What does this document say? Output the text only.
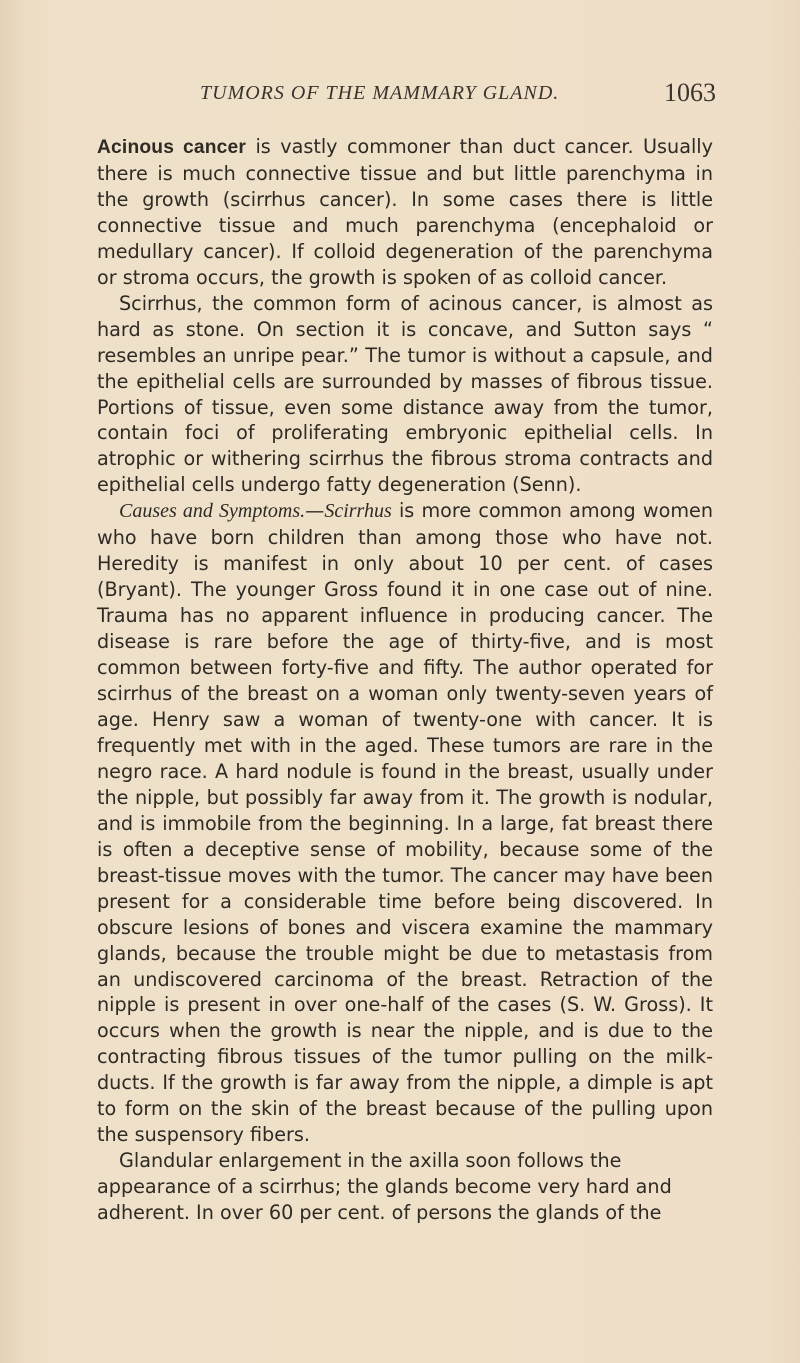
TUMORS OF THE MAMMARY GLAND.	1063

Acinous cancer is vastly commoner than duct cancer. Usually there is much connective tissue and but little parenchyma in the growth (scirrhus cancer). In some cases there is little connective tissue and much parenchyma (encephaloid or medullary cancer). If colloid degeneration of the parenchyma or stroma occurs, the growth is spoken of as colloid cancer.

Scirrhus, the common form of acinous cancer, is almost as hard as stone. On section it is concave, and Sutton says “ resembles an unripe pear.” The tumor is without a capsule, and the epithelial cells are surrounded by masses of fibrous tissue. Portions of tissue, even some distance away from the tumor, contain foci of proliferating embryonic epithelial cells. In atrophic or withering scirrhus the fibrous stroma contracts and epithelial cells undergo fatty degeneration (Senn).

Causes and Symptoms.—Scirrhus is more common among women who have born children than among those who have not. Heredity is manifest in only about 10 per cent. of cases (Bryant). The younger Gross found it in one case out of nine. Trauma has no apparent influence in producing cancer. The disease is rare before the age of thirty-five, and is most common between forty-five and fifty. The author operated for scirrhus of the breast on a woman only twenty-seven years of age. Henry saw a woman of twenty-one with cancer. It is frequently met with in the aged. These tumors are rare in the negro race. A hard nodule is found in the breast, usually under the nipple, but possibly far away from it. The growth is nodular, and is immobile from the beginning. In a large, fat breast there is often a deceptive sense of mobility, because some of the breast-tissue moves with the tumor. The cancer may have been present for a considerable time before being discovered. In obscure lesions of bones and viscera examine the mammary glands, because the trouble might be due to metastasis from an undiscovered carcinoma of the breast. Retraction of the nipple is present in over one-half of the cases (S. W. Gross). It occurs when the growth is near the nipple, and is due to the contracting fibrous tissues of the tumor pulling on the milk-ducts. If the growth is far away from the nipple, a dimple is apt to form on the skin of the breast because of the pulling upon the suspensory fibers.

Glandular enlargement in the axilla soon follows the appearance of a scirrhus; the glands become very hard and adherent. In over 60 per cent. of persons the glands of the
